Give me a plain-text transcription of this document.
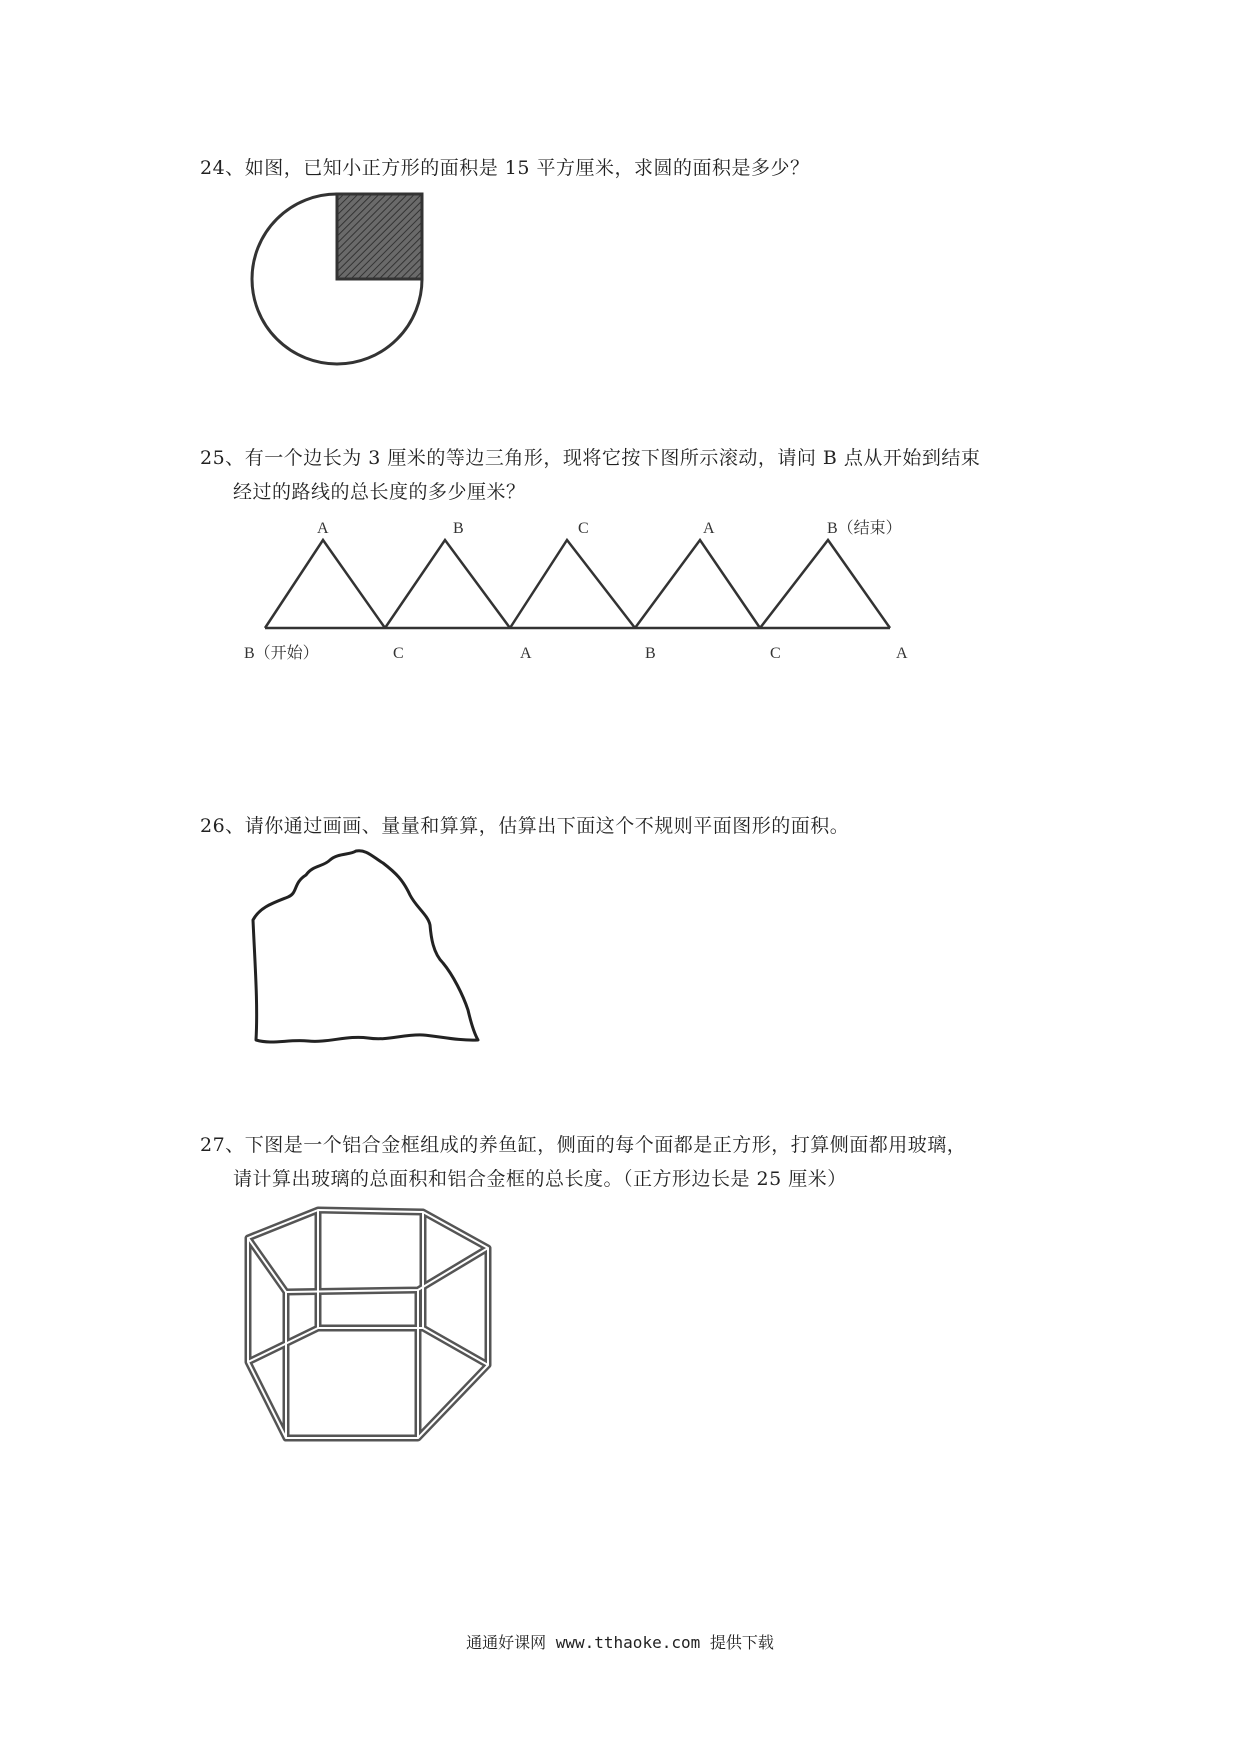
24、如图，已知小正方形的面积是 15 平方厘米，求圆的面积是多少？
25、有一个边长为 3 厘米的等边三角形，现将它按下图所示滚动，请问 B 点从开始到结束
经过的路线的总长度的多少厘米？
A	B	C	A	B（结束）
B（开始）	C	A	B	C	A
26、请你通过画画、量量和算算，估算出下面这个不规则平面图形的面积。
27、下图是一个铝合金框组成的养鱼缸，侧面的每个面都是正方形，打算侧面都用玻璃，
请计算出玻璃的总面积和铝合金框的总长度。（正方形边长是 25 厘米）
通通好课网 www.tthaoke.com 提供下载
